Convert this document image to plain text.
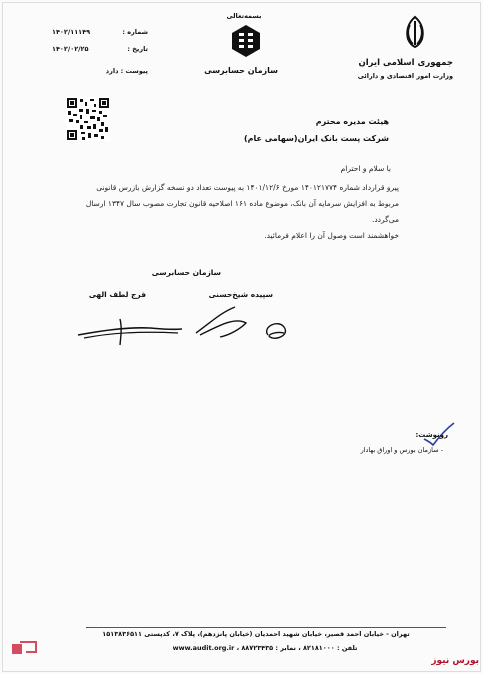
شماره :
۱۴۰۲/۱۱۱۴۹
تاریخ :
۱۴۰۲/۰۲/۲۵
پیوست : دارد
بسمه‌تعالی
سازمان حسابرسی
جمهوری اسلامی ایران
وزارت امور اقتصادی و دارائی
هیئت مدیره محترم
شرکت پست بانک ایران(سهامی عام)
با سلام و احترام
پیرو قرارداد شماره ۱۴۰۱۲۱۷۷۴ مورخ ۱۴۰۱/۱۲/۶ به پیوست تعداد دو نسخه گزارش بازرس قانونی
مربوط به افزایش سرمایه آن بانک، موضوع ماده ۱۶۱ اصلاحیه قانون تجارت مصوب سال ۱۳۴۷ ارسال
می‌گردد.
خواهشمند است وصول آن را اعلام فرمائید.
سازمان حسابرسی
سپیده شیخ‌حسنی
فرج لطف الهی
رونوشت:
- سازمان بورس و اوراق بهادار
تهران - خیابان احمد قصیر، خیابان شهید احمدیان (خیابان پانزدهم)، پلاک ۷، کدپستی ۱۵۱۳۸۳۶۵۱۱
تلفن : ۸۲۱۸۱۰۰۰ ، نمابر : ۸۸۷۲۳۴۳۵ ، www.audit.org.ir
بورس نیوز
